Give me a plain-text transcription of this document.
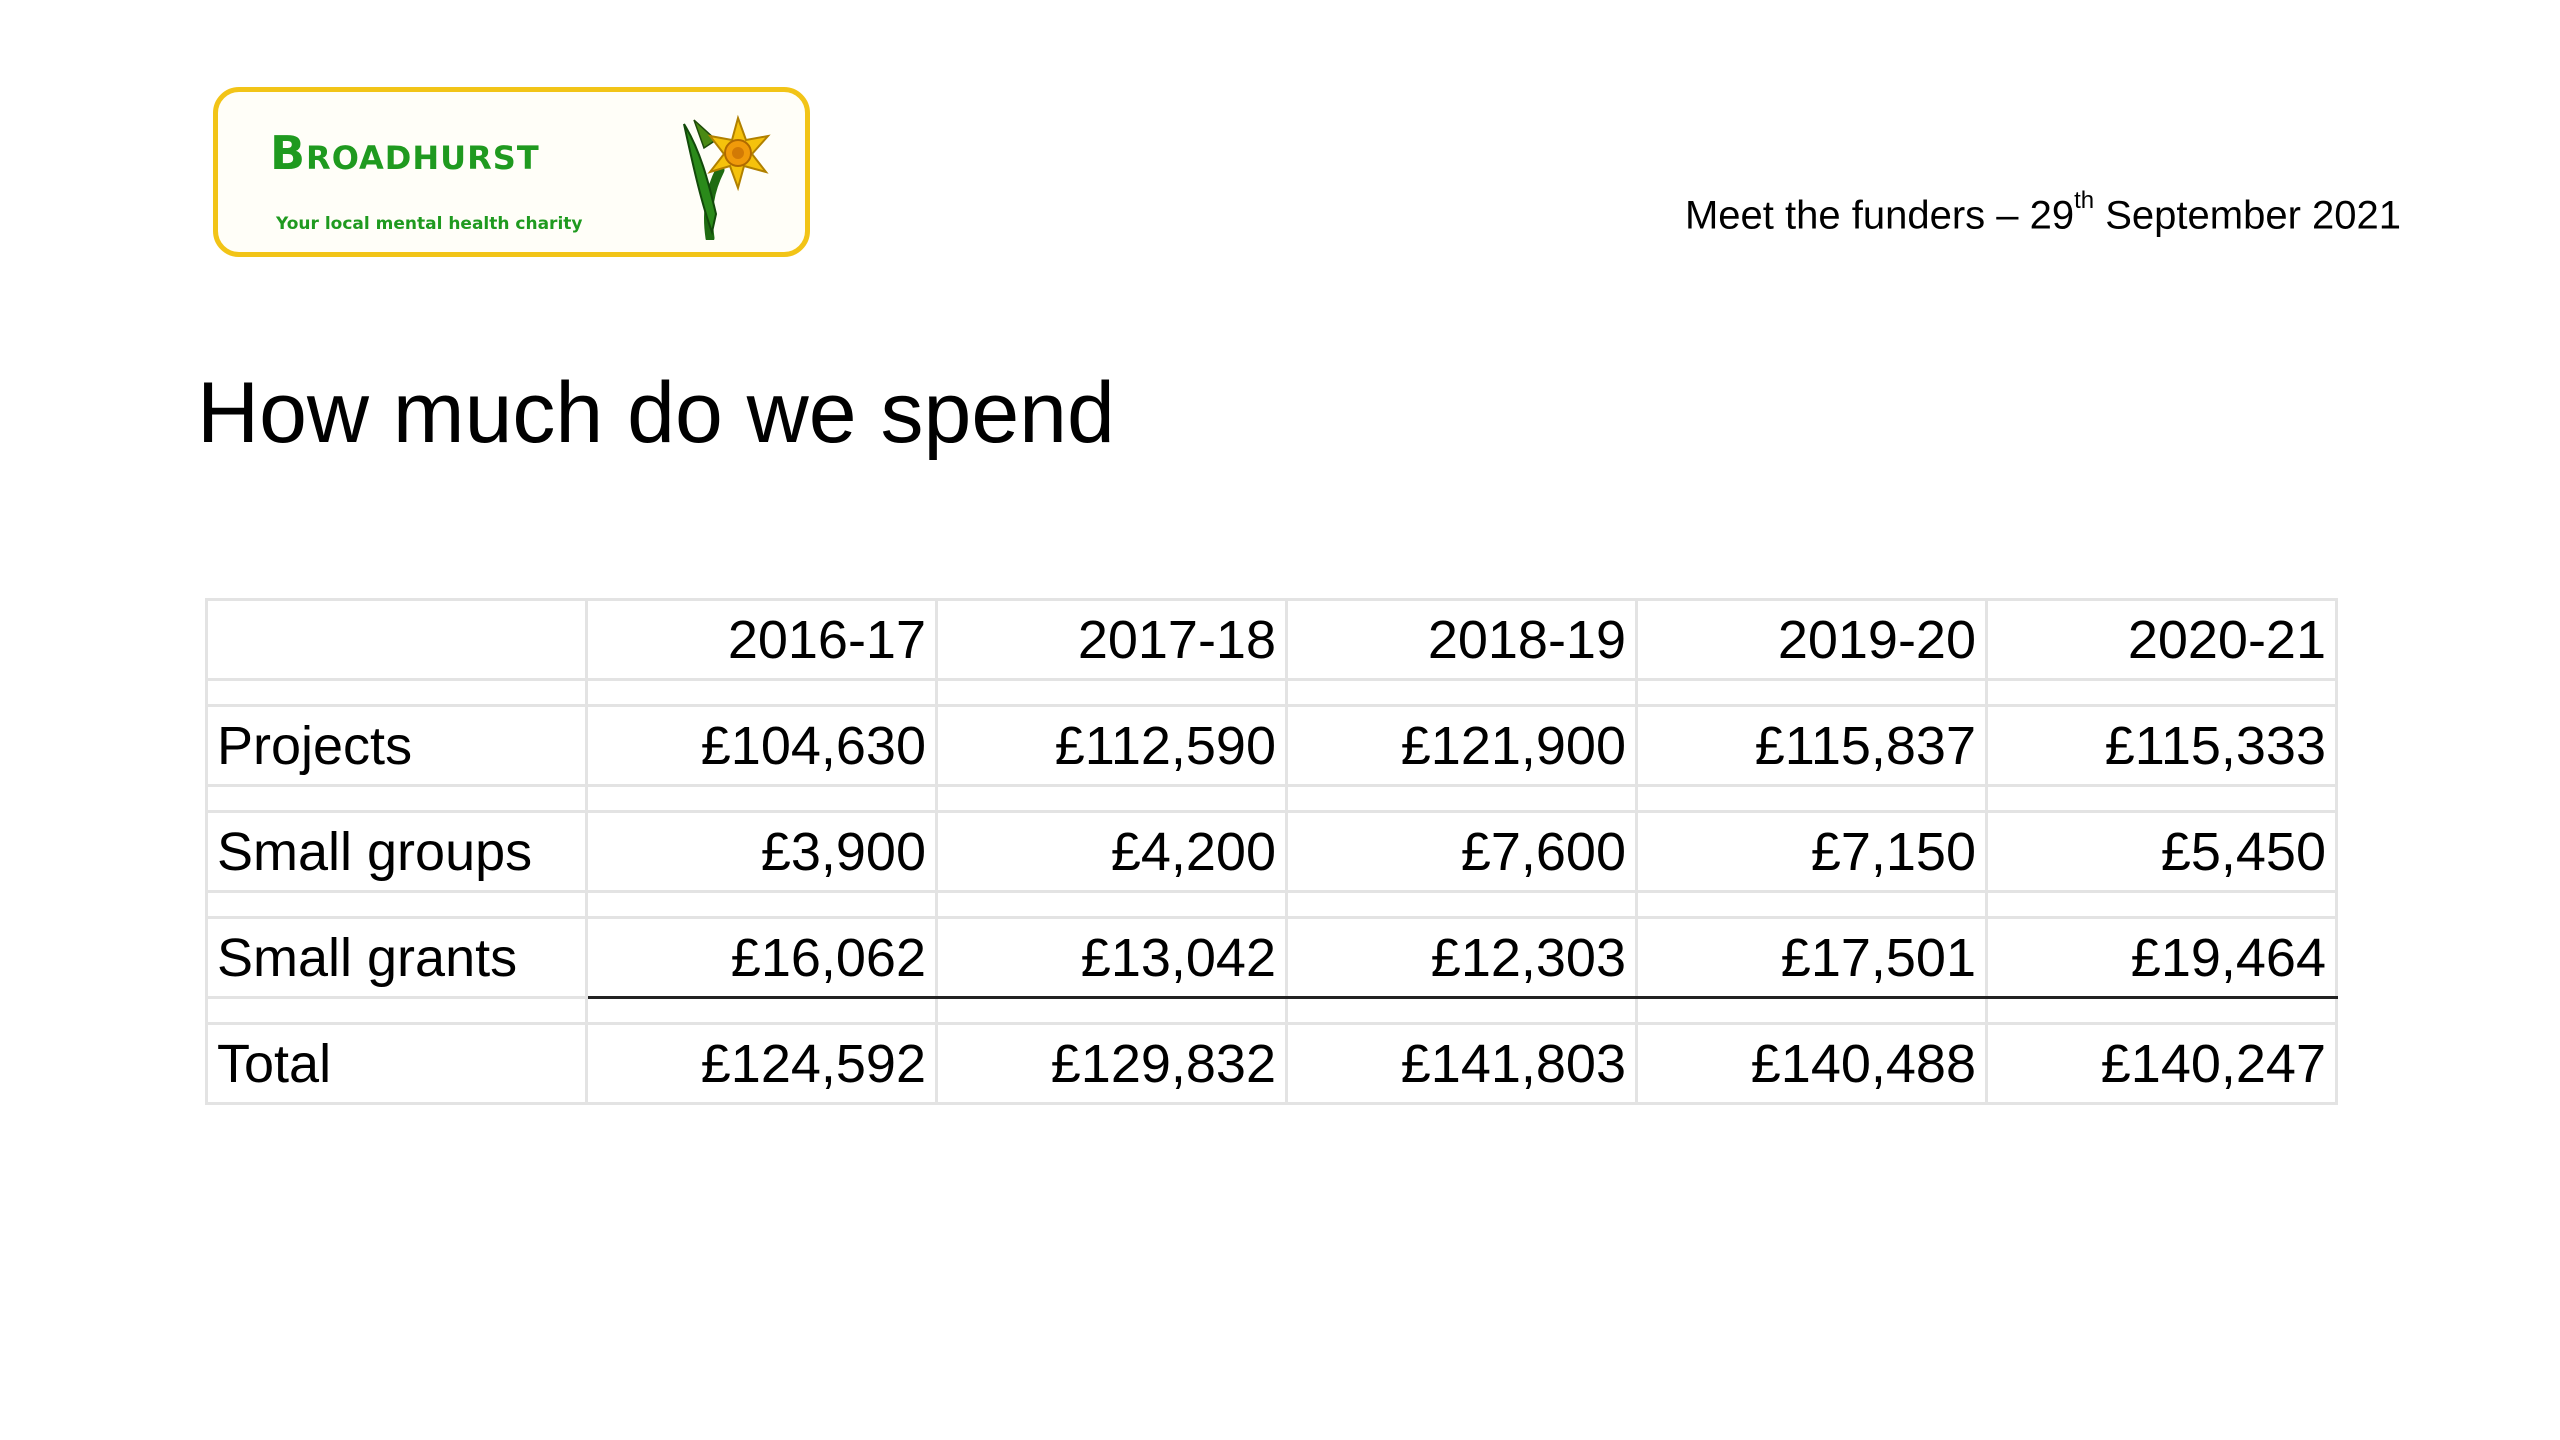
Broadhurst
Your local mental health charity	Meet the funders – 29th September 2021
How much do we spend
	2016-17	2017-18	2018-19	2019-20	2020-21

Projects	£104,630	£112,590	£121,900	£115,837	£115,333

Small groups	£3,900	£4,200	£7,600	£7,150	£5,450

Small grants	£16,062	£13,042	£12,303	£17,501	£19,464

Total	£124,592	£129,832	£141,803	£140,488	£140,247
